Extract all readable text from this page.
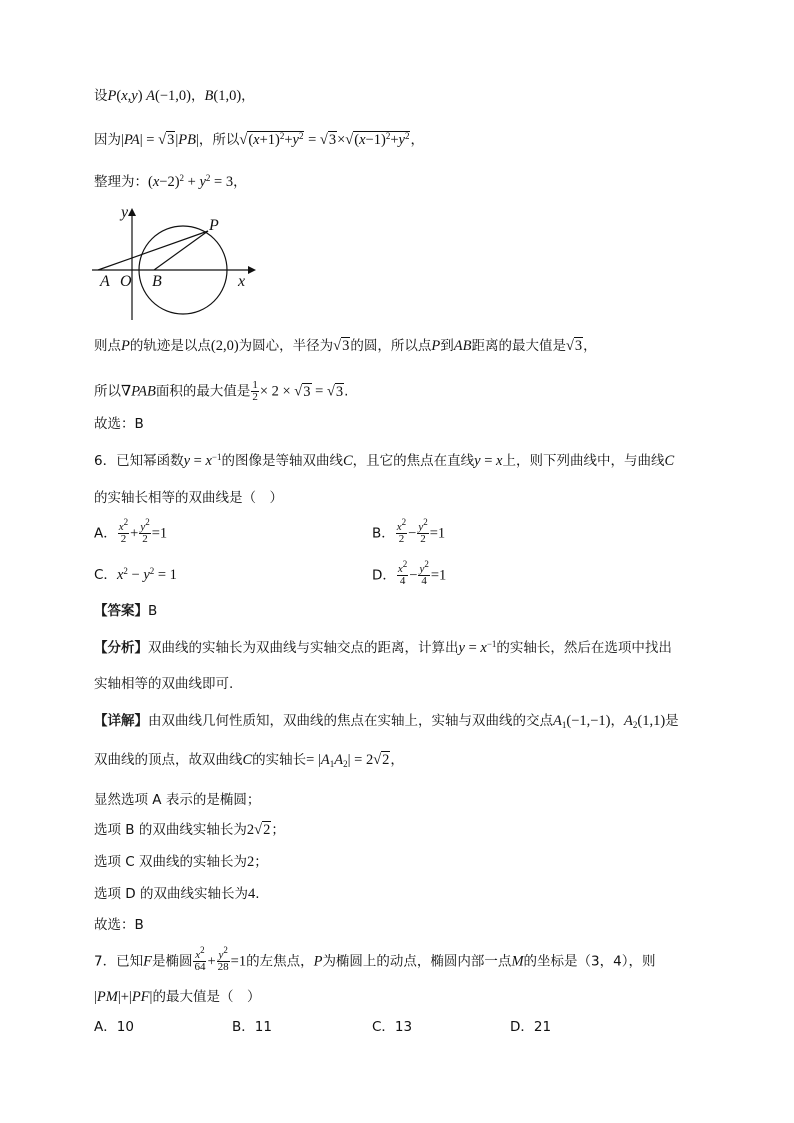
设P(x,y) A(−1,0)，B(1,0)，
因为|PA| = √3|PB|，所以$√(x+1)^2+y^2 = √3\times√(x-1)^2+y^2$，
整理为：$(x-2)^2 + y^2 = 3$，
y
P
A O B	x
则点P的轨迹是以点(2,0)为圆心，半径为√3的圆，所以点P到AB距离的最大值是√3，
所以∇PAB面积的最大值是 $\frac{1}{2} \times 2 \times √3 = √3$.
故选：B
6．已知幂函数$y = x^{-1}$的图像是等轴双曲线C，且它的焦点在直线y = x上，则下列曲线中，与曲线C
的实轴长相等的双曲线是（　）
A． $\frac{x^2}{2} + \frac{y^2}{2} =1$	B． $\frac{x^2}{2} - \frac{y^2}{2} =1$
C．$x^2 - y^2 = 1$	D． $\frac{x^2}{4} - \frac{y^2}{4} =1$
【答案】B
【分析】双曲线的实轴长为双曲线与实轴交点的距离，计算出$y = x^{-1}$的实轴长，然后在选项中找出
实轴相等的双曲线即可.
【详解】由双曲线几何性质知，双曲线的焦点在实轴上，实轴与双曲线的交点$A_1(-1,-1)$，$A_2(1,1)$是
双曲线的顶点，故双曲线C的实轴长= $|A_1A_2| = 2√2$，
显然选项 A 表示的是椭圆；
选项 B 的双曲线实轴长为2√2；
选项 C 双曲线的实轴长为2；
选项 D 的双曲线实轴长为4.
故选：B
7．已知F是椭圆 $\frac{x^2}{64} + \frac{y^2}{28} =1$的左焦点，P为椭圆上的动点，椭圆内部一点M的坐标是（3，4），则
|PM|+|PF|的最大值是（　）
A．10	B．11	C．13	D．21
